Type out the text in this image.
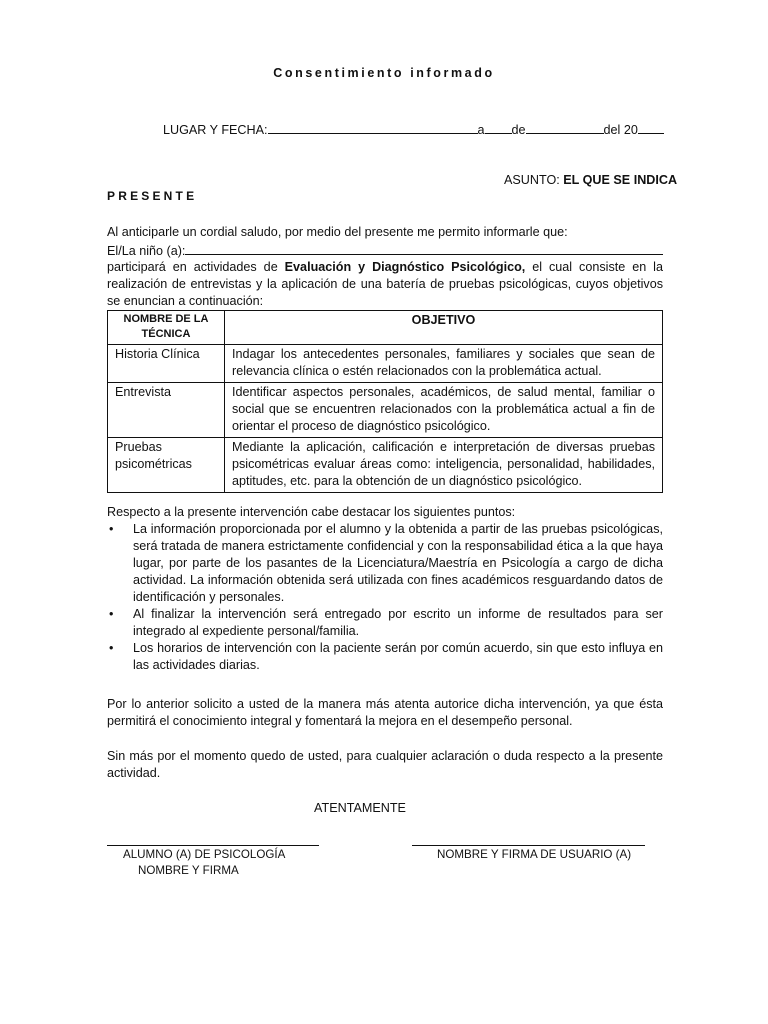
Consentimiento informado
LUGAR Y FECHA:	a de	del 20
ASUNTO: EL QUE SE INDICA
PRESENTE
Al anticiparle un cordial saludo, por medio del presente me permito informarle que:
El/La niño (a):
participará en actividades de Evaluación y Diagnóstico Psicológico, el cual consiste en la realización de entrevistas y la aplicación de una batería de pruebas psicológicas, cuyos objetivos se enuncian a continuación:
NOMBRE DE LA TÉCNICA	OBJETIVO
Historia Clínica	Indagar los antecedentes personales, familiares y sociales que sean de relevancia clínica o estén relacionados con la problemática actual.
Entrevista	Identificar aspectos personales, académicos, de salud mental, familiar o social que se encuentren relacionados con la problemática actual a fin de orientar el proceso de diagnóstico psicológico.
Pruebas psicométricas	Mediante la aplicación, calificación e interpretación de diversas pruebas psicométricas evaluar áreas como: inteligencia, personalidad, habilidades, aptitudes, etc. para la obtención de un diagnóstico psicológico.
Respecto a la presente intervención cabe destacar los siguientes puntos:
• La información proporcionada por el alumno y la obtenida a partir de las pruebas psicológicas, será tratada de manera estrictamente confidencial y con la responsabilidad ética a la que haya lugar, por parte de los pasantes de la Licenciatura/Maestría en Psicología a cargo de dicha actividad. La información obtenida será utilizada con fines académicos resguardando datos de identificación y personales.
• Al finalizar la intervención será entregado por escrito un informe de resultados para ser integrado al expediente personal/familia.
• Los horarios de intervención con la paciente serán por común acuerdo, sin que esto influya en las actividades diarias.
Por lo anterior solicito a usted de la manera más atenta autorice dicha intervención, ya que ésta permitirá el conocimiento integral y fomentará la mejora en el desempeño personal.
Sin más por el momento quedo de usted, para cualquier aclaración o duda respecto a la presente actividad.
ATENTAMENTE
ALUMNO (A) DE PSICOLOGÍA
NOMBRE Y FIRMA
NOMBRE Y FIRMA DE USUARIO (A)
